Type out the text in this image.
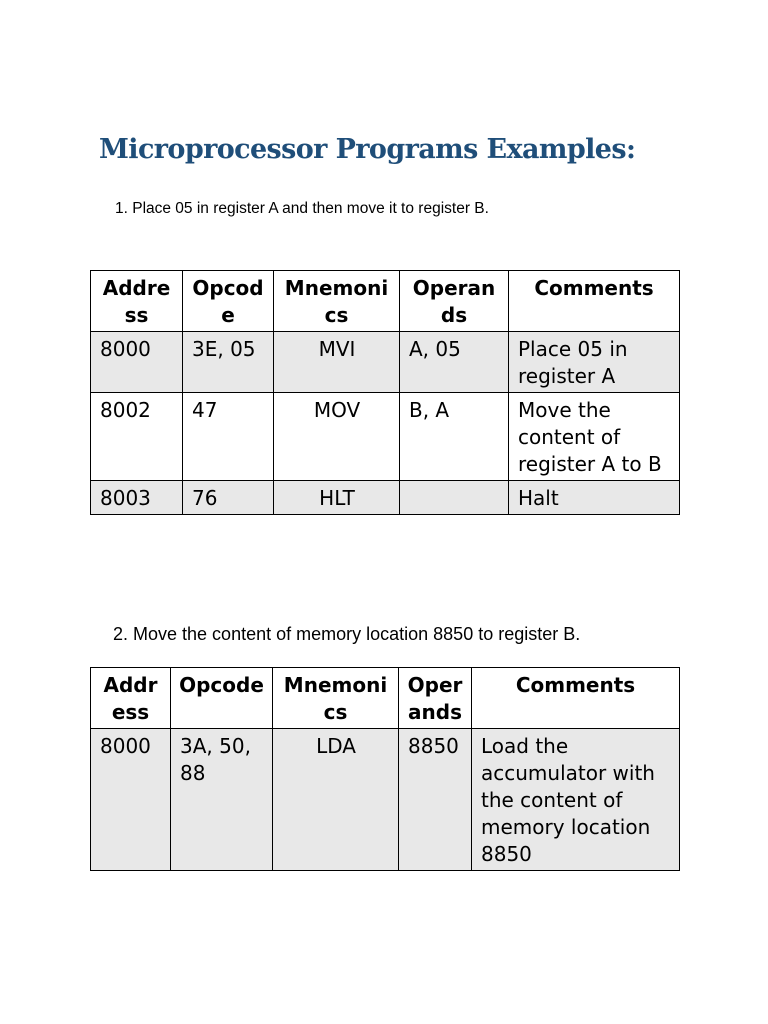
Microprocessor Programs Examples:
1. Place 05 in register A and then move it to register B.
Address	Opcode	Mnemonics	Operands	Comments
8000	3E, 05	MVI	A, 05	Place 05 in register A
8002	47	MOV	B, A	Move the content of register A to B
8003	76	HLT		Halt
2. Move the content of memory location 8850 to register B.
Address	Opcode	Mnemonics	Operands	Comments
8000	3A, 50, 88	LDA	8850	Load the accumulator with the content of memory location 8850
